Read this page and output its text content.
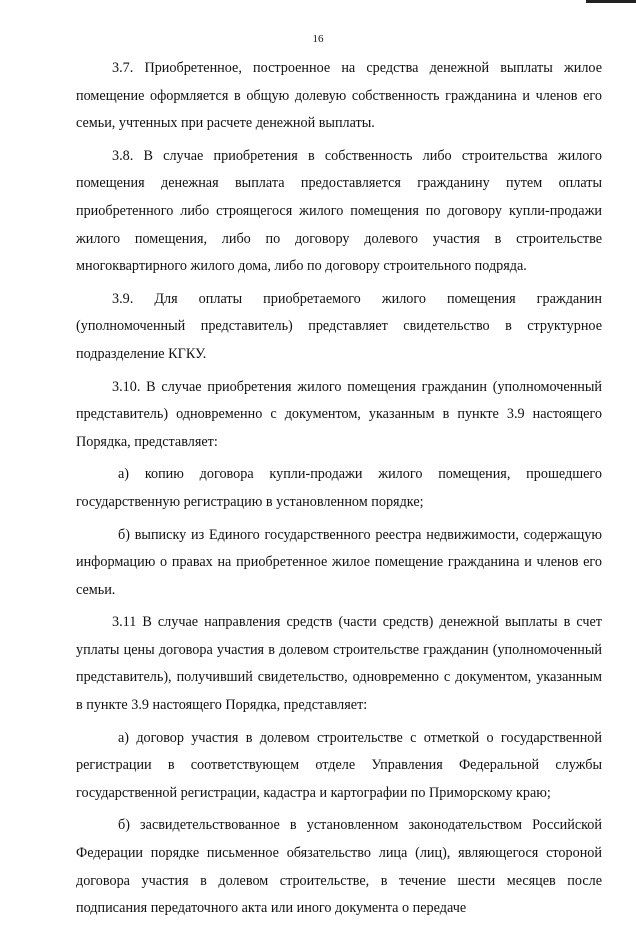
16

3.7. Приобретенное, построенное на средства денежной выплаты жилое помещение оформляется в общую долевую собственность гражданина и членов его семьи, учтенных при расчете денежной выплаты.

3.8. В случае приобретения в собственность либо строительства жилого помещения денежная выплата предоставляется гражданину путем оплаты приобретенного либо строящегося жилого помещения по договору купли-продажи жилого помещения, либо по договору долевого участия в строительстве многоквартирного жилого дома, либо по договору строительного подряда.

3.9. Для оплаты приобретаемого жилого помещения гражданин (уполномоченный представитель) представляет свидетельство в структурное подразделение КГКУ.

3.10. В случае приобретения жилого помещения гражданин (уполномоченный представитель) одновременно с документом, указанным в пункте 3.9 настоящего Порядка, представляет:

а) копию договора купли-продажи жилого помещения, прошедшего государственную регистрацию в установленном порядке;

б) выписку из Единого государственного реестра недвижимости, содержащую информацию о правах на приобретенное жилое помещение гражданина и членов его семьи.

3.11 В случае направления средств (части средств) денежной выплаты в счет уплаты цены договора участия в долевом строительстве гражданин (уполномоченный представитель), получивший свидетельство, одновременно с документом, указанным в пункте 3.9 настоящего Порядка, представляет:

а) договор участия в долевом строительстве с отметкой о государственной регистрации в соответствующем отделе Управления Федеральной службы государственной регистрации, кадастра и картографии по Приморскому краю;

б) засвидетельствованное в установленном законодательством Российской Федерации порядке письменное обязательство лица (лиц), являющегося стороной договора участия в долевом строительстве, в течение шести месяцев после подписания передаточного акта или иного документа о передаче
